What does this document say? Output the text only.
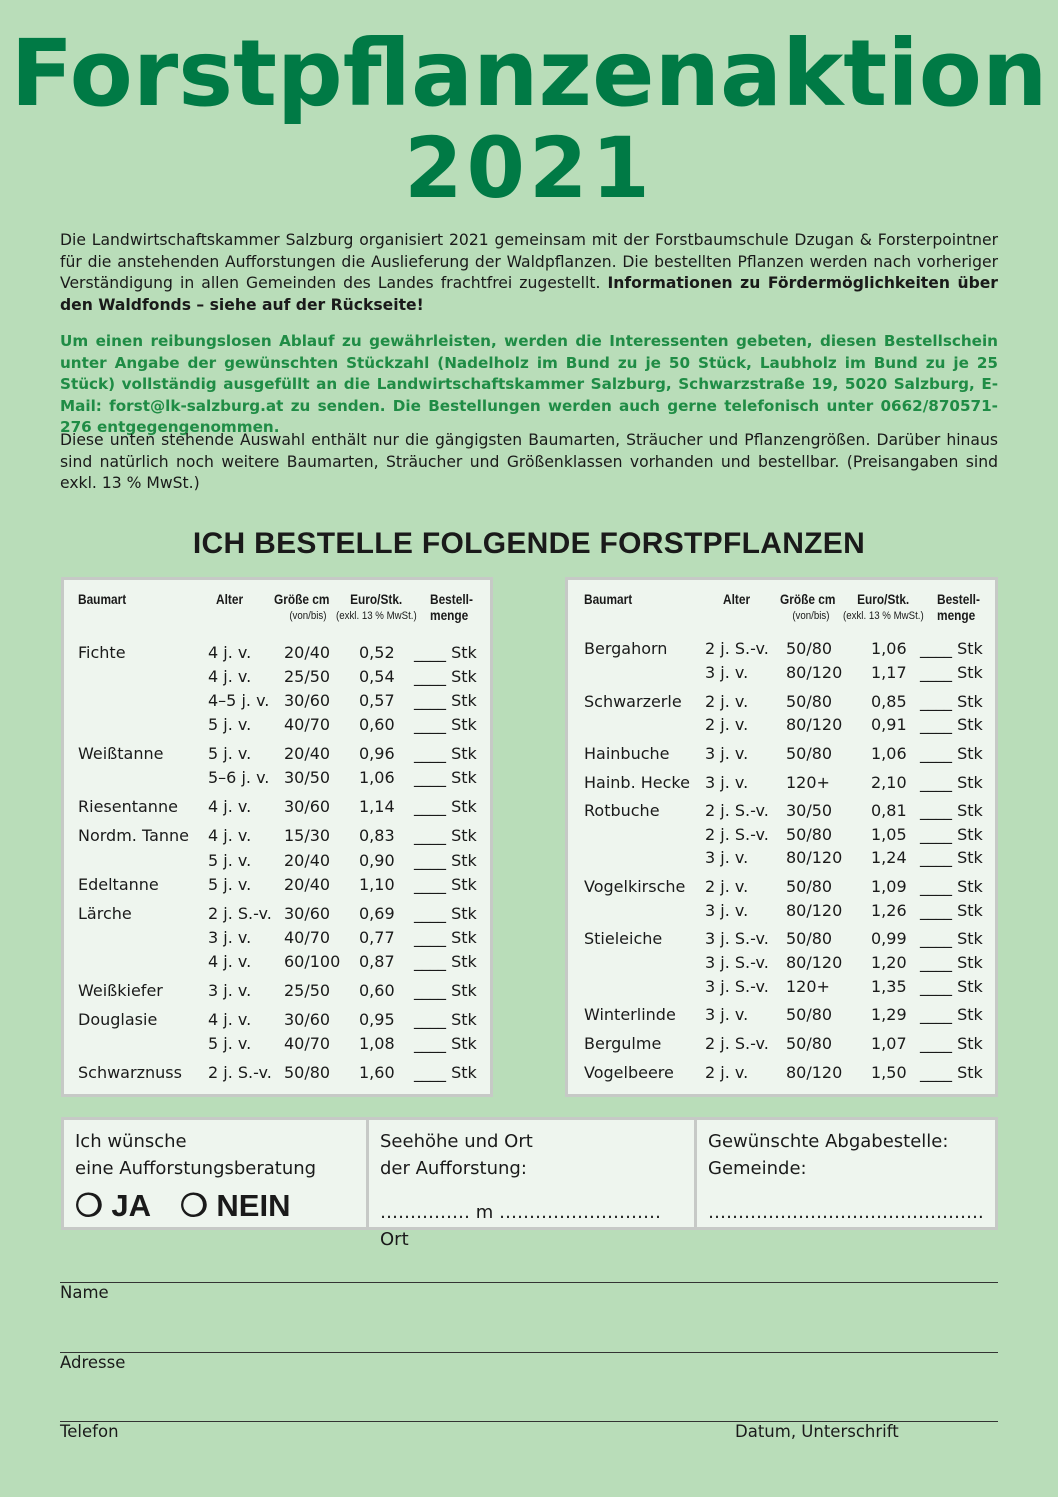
Forstpflanzenaktion
2021

Die Landwirtschaftskammer Salzburg organisiert 2021 gemeinsam mit der Forstbaumschule Dzugan & Forsterpointner für die anstehenden Aufforstungen die Auslieferung der Waldpflanzen. Die bestellten Pflanzen werden nach vorheriger Verständigung in allen Gemeinden des Landes frachtfrei zugestellt. Informationen zu Fördermöglichkeiten über den Waldfonds – siehe auf der Rückseite!

Um einen reibungslosen Ablauf zu gewährleisten, werden die Interessenten gebeten, diesen Bestellschein unter Angabe der gewünschten Stückzahl (Nadelholz im Bund zu je 50 Stück, Laubholz im Bund zu je 25 Stück) vollständig ausgefüllt an die Landwirtschaftskammer Salzburg, Schwarzstraße 19, 5020 Salzburg, E-Mail: forst@lk-salzburg.at zu senden. Die Bestellungen werden auch gerne telefonisch unter 0662/870571-276 entgegengenommen.

Diese unten stehende Auswahl enthält nur die gängigsten Baumarten, Sträucher und Pflanzengrößen. Darüber hinaus sind natürlich noch weitere Baumarten, Sträucher und Größenklassen vorhanden und bestellbar. (Preisangaben sind exkl. 13 % MwSt.)

ICH BESTELLE FOLGENDE FORSTPFLANZEN
Baumart	Alter Größe cm
(von/bis)
Euro/Stk.
(exkl. 13 % MwSt.)
Bestell-
menge
Fichte	4 j. v. 20/40 0,52 ____ Stk
4 j. v. 25/50 0,54 ____ Stk
4–5 j. v. 30/60 0,57 ____ Stk
5 j. v. 40/70 0,60 ____ Stk
Weißtanne	5 j. v. 20/40 0,96 ____ Stk
5–6 j. v. 30/50 1,06 ____ Stk
Riesentanne 4 j. v. 30/60 1,14 ____ Stk
Nordm. Tanne 4 j. v. 15/30 0,83 ____ Stk
5 j. v. 20/40 0,90 ____ Stk
Edeltanne	5 j. v. 20/40 1,10 ____ Stk
Lärche	2 j. S.-v. 30/60 0,69 ____ Stk
3 j. v. 40/70 0,77 ____ Stk
4 j. v. 60/100 0,87 ____ Stk
Weißkiefer	3 j. v. 25/50 0,60 ____ Stk
Douglasie	4 j. v. 30/60 0,95 ____ Stk
5 j. v. 40/70 1,08 ____ Stk
Schwarznuss 2 j. S.-v. 50/80 1,60 ____ Stk
Baumart	Alter Größe cm
(von/bis)
Euro/Stk.
(exkl. 13 % MwSt.)
Bestell-
menge
Bergahorn 2 j. S.-v. 50/80 1,06 ____ Stk
3 j. v. 80/120 1,17 ____ Stk
Schwarzerle 2 j. v. 50/80 0,85 ____ Stk
2 j. v. 80/120 0,91 ____ Stk
Hainbuche 3 j. v. 50/80 1,06 ____ Stk
Hainb. Hecke 3 j. v. 120+	2,10 ____ Stk
Rotbuche	2 j. S.-v. 30/50 0,81 ____ Stk
2 j. S.-v. 50/80 1,05 ____ Stk
3 j. v. 80/120 1,24 ____ Stk
Vogelkirsche 2 j. v. 50/80 1,09 ____ Stk
3 j. v. 80/120 1,26 ____ Stk
Stieleiche	3 j. S.-v. 50/80 0,99 ____ Stk
3 j. S.-v. 80/120 1,20 ____ Stk
3 j. S.-v. 120+	1,35 ____ Stk
Winterlinde 3 j. v. 50/80 1,29 ____ Stk
Bergulme	2 j. S.-v. 50/80 1,07 ____ Stk
Vogelbeere 2 j. v. 80/120 1,50 ____ Stk
Ich wünsche
eine Aufforstungsberatung
❍ JA ❍ NEIN
Seehöhe und Ort
der Aufforstung:
…………… m ……………………… Ort
Gewünschte Abgabestelle:
Gemeinde:
……………………………………….
Name
Adresse
Telefon	Datum, Unterschrift
